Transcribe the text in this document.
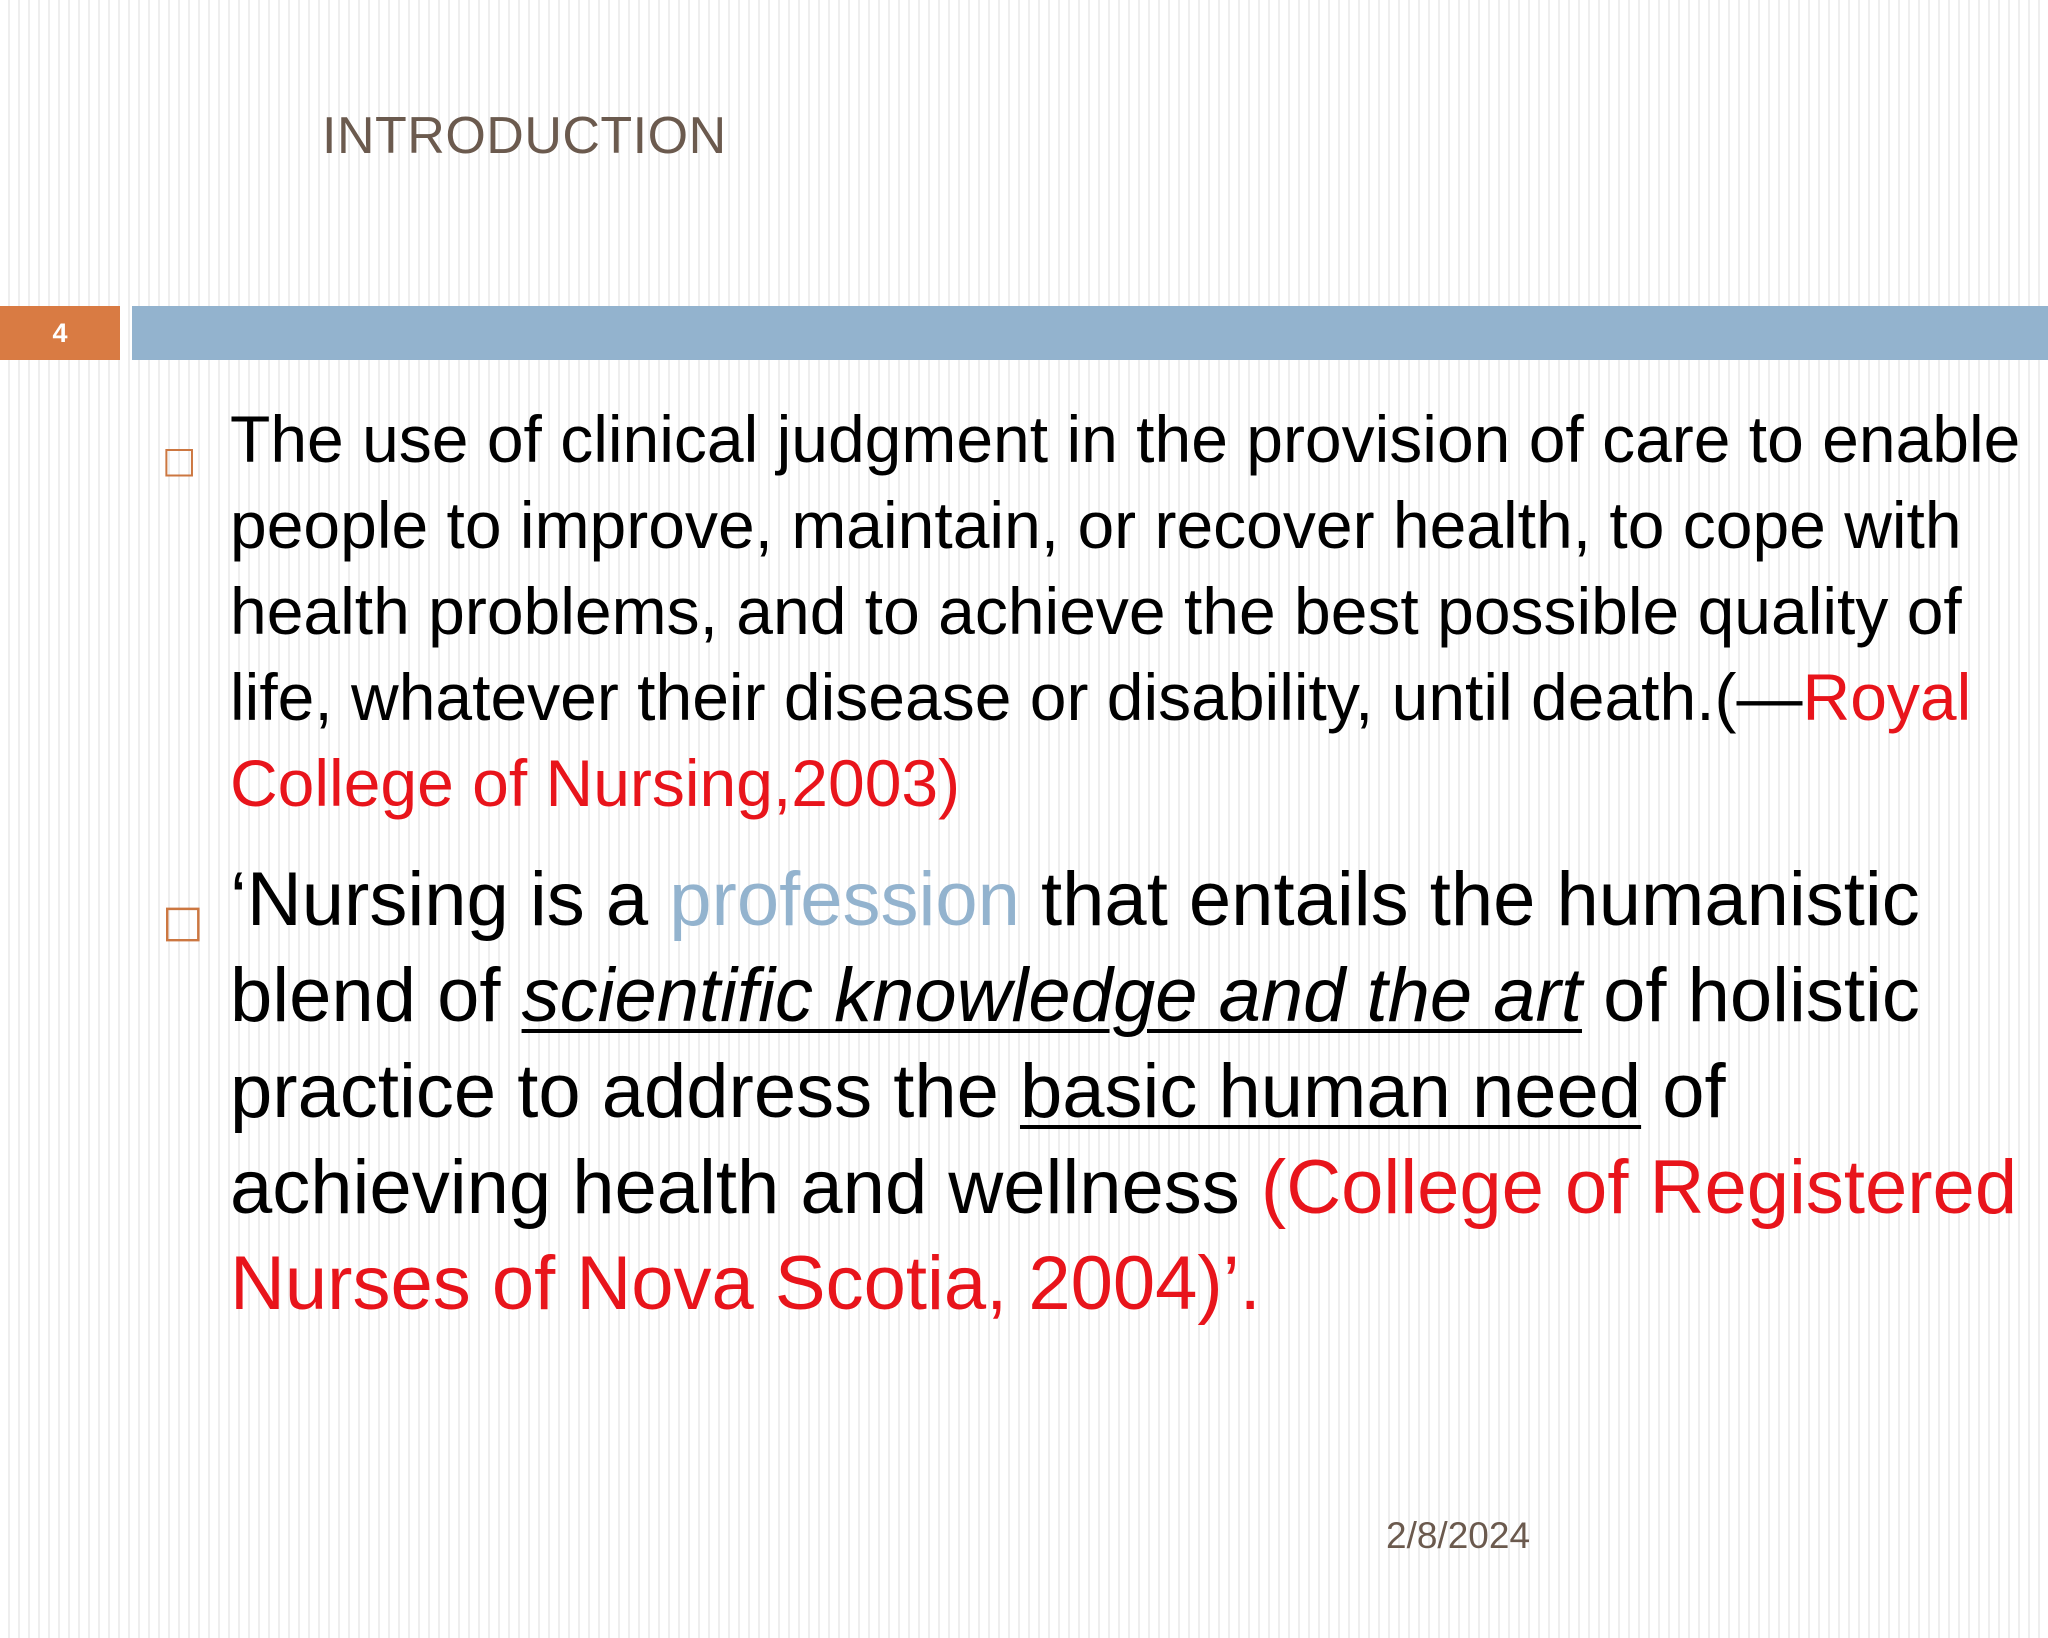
INTRODUCTION
4
□ The use of clinical judgment in the provision of care to enable people to improve, maintain, or recover health, to cope with health problems, and to achieve the best possible quality of life, whatever their disease or disability, until death.(—Royal College of Nursing,2003)
□ ‘Nursing is a profession that entails the humanistic blend of scientific knowledge and the art of holistic practice to address the basic human need of achieving health and wellness (College of Registered Nurses of Nova Scotia, 2004)’.
2/8/2024
